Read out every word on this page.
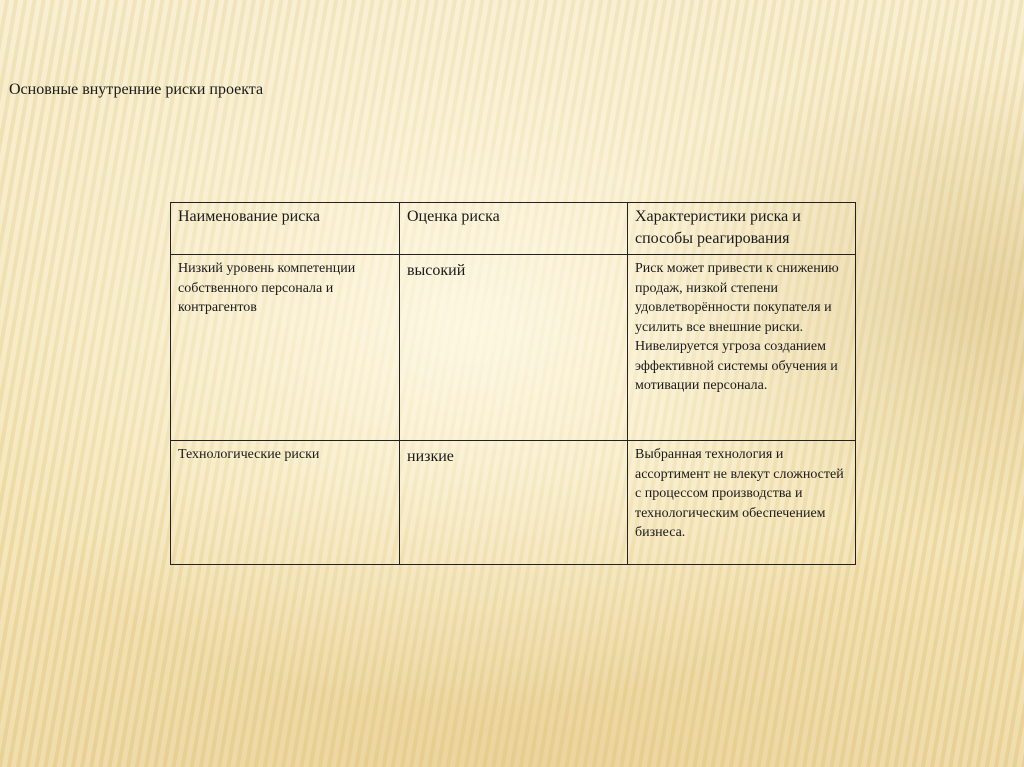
Основные внутренние риски проекта
Наименование риска	Оценка риска	Характеристики риска и способы реагирования
Низкий уровень компетенции собственного персонала и контрагентов	высокий	Риск может привести к снижению продаж, низкой степени удовлетворённости покупателя и усилить все внешние риски. Нивелируется угроза созданием эффективной системы обучения и мотивации персонала.
Технологические риски	низкие	Выбранная технология и ассортимент не влекут сложностей с процессом производства и технологическим обеспечением бизнеса.
